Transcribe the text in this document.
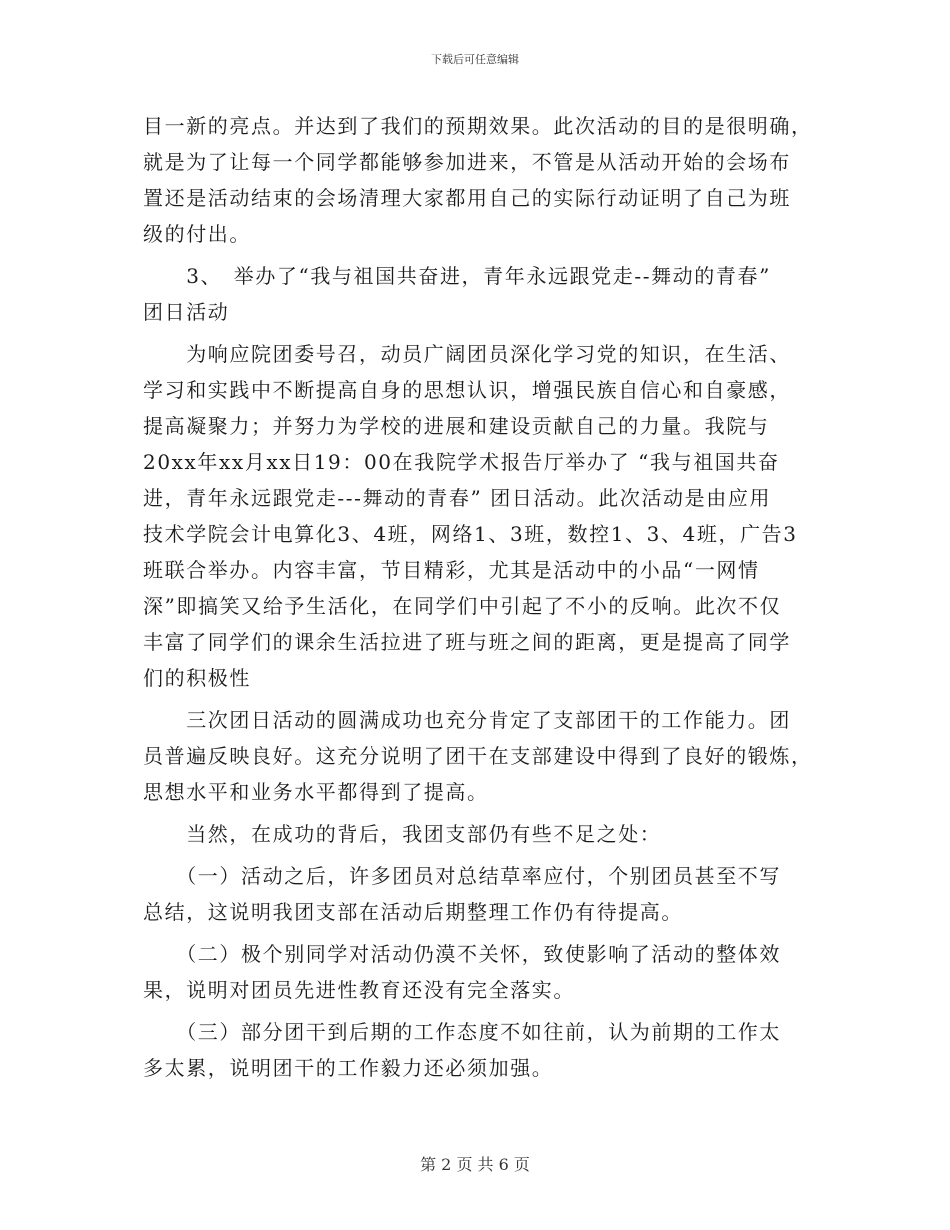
下载后可任意编辑
目一新的亮点。并达到了我们的预期效果。此次活动的目的是很明确，
就是为了让每一个同学都能够参加进来，不管是从活动开始的会场布
置还是活动结束的会场清理大家都用自己的实际行动证明了自己为班
级的付出。
　　3、　举办了“我与祖国共奋进，青年永远跟党走--舞动的青春”
团日活动
　　为响应院团委号召，动员广阔团员深化学习党的知识，在生活、
学习和实践中不断提高自身的思想认识，增强民族自信心和自豪感，
提高凝聚力；并努力为学校的进展和建设贡献自己的力量。我院与
20xx年xx月xx日19：00在我院学术报告厅举办了 “我与祖国共奋
进，青年永远跟党走---舞动的青春” 团日活动。此次活动是由应用
技术学院会计电算化3、4班，网络1、3班，数控1、3、4班，广告3
班联合举办。内容丰富，节目精彩，尤其是活动中的小品“一网情
深”即搞笑又给予生活化，在同学们中引起了不小的反响。此次不仅
丰富了同学们的课余生活拉进了班与班之间的距离，更是提高了同学
们的积极性
　　三次团日活动的圆满成功也充分肯定了支部团干的工作能力。团
员普遍反映良好。这充分说明了团干在支部建设中得到了良好的锻炼，
思想水平和业务水平都得到了提高。
　　当然，在成功的背后，我团支部仍有些不足之处：
　　（一）活动之后，许多团员对总结草率应付，个别团员甚至不写
总结，这说明我团支部在活动后期整理工作仍有待提高。
　　（二）极个别同学对活动仍漠不关怀，致使影响了活动的整体效
果，说明对团员先进性教育还没有完全落实。
　　（三）部分团干到后期的工作态度不如往前，认为前期的工作太
多太累，说明团干的工作毅力还必须加强。
第 2 页 共 6 页
